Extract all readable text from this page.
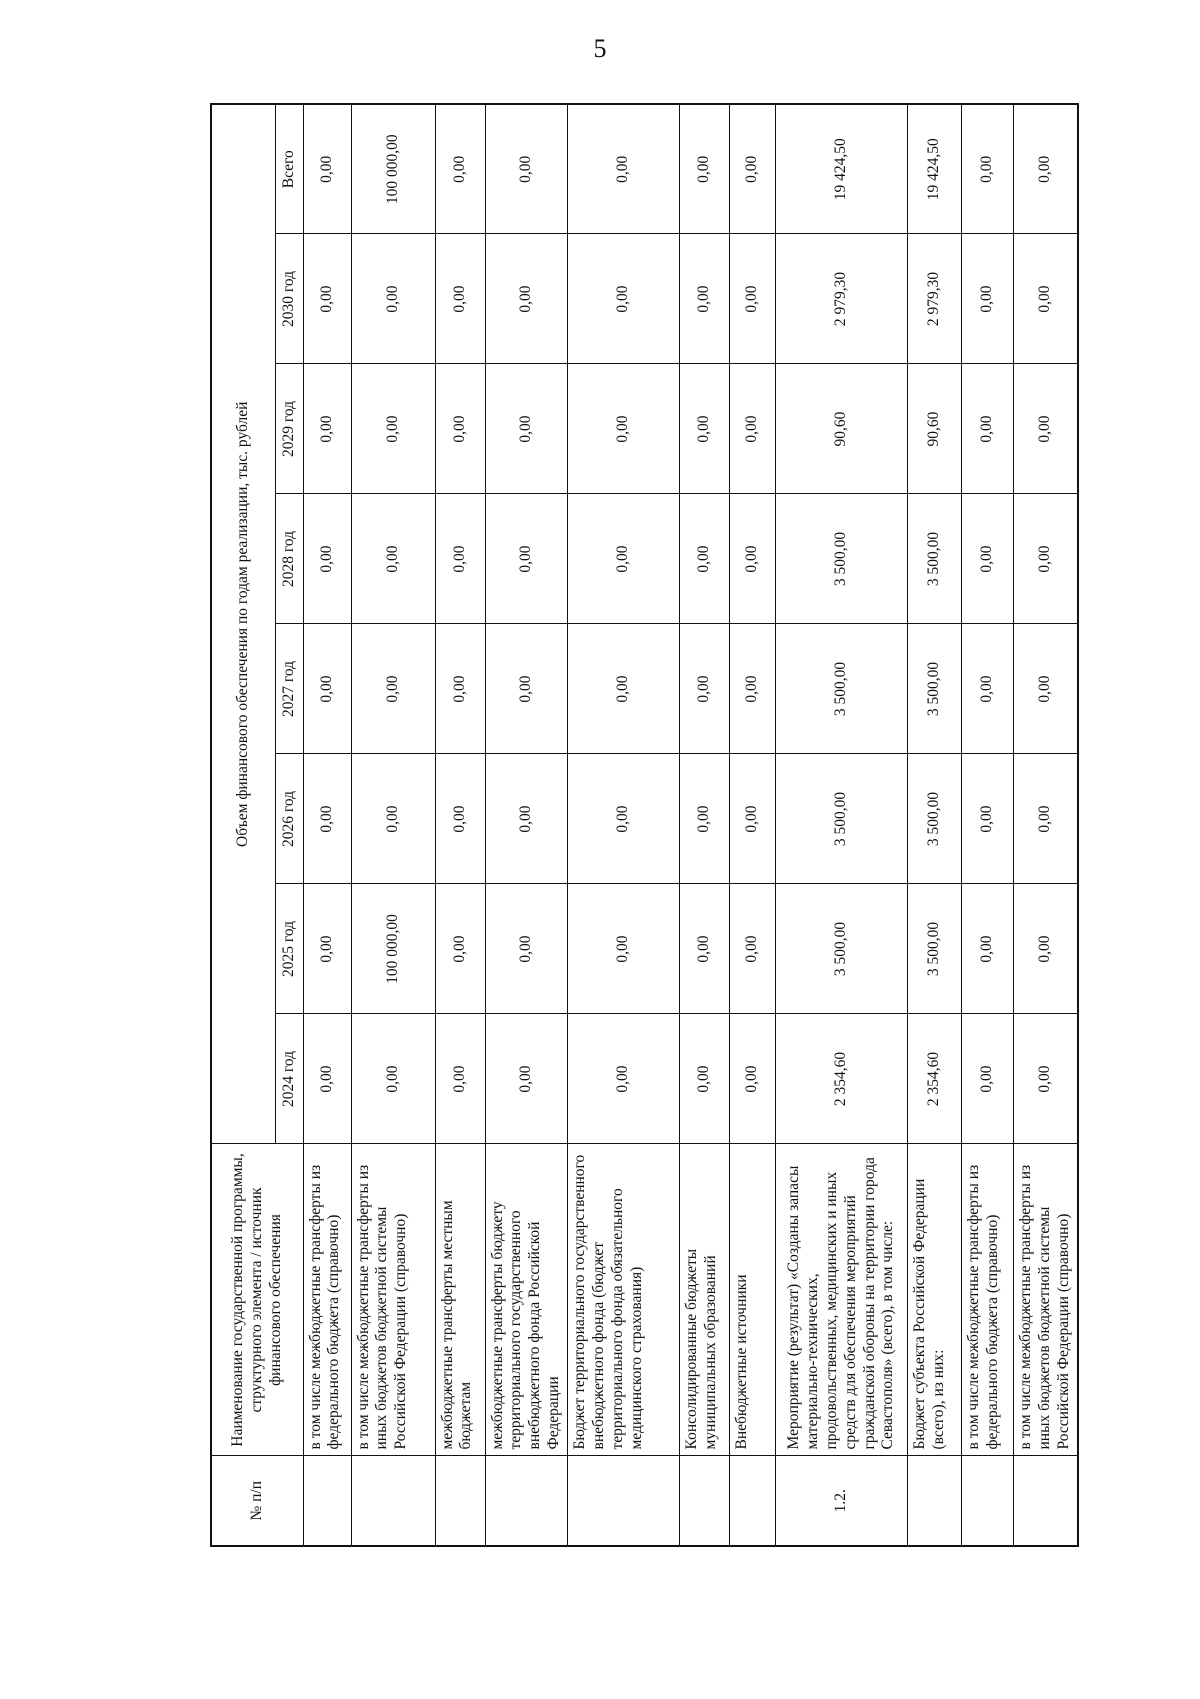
5
№ п/п	Наименование государственной программы, структурного элемента / источник финансового обеспечения	Объем финансового обеспечения по годам реализации, тыс. рублей							
		2024 год	2025 год	2026 год	2027 год	2028 год	2029 год	2030 год	Всего
	в том числе межбюджетные трансферты из федерального бюджета (справочно)	0,00	0,00	0,00	0,00	0,00	0,00	0,00	0,00
	в том числе межбюджетные трансферты из иных бюджетов бюджетной системы Российской Федерации (справочно)	0,00	100 000,00	0,00	0,00	0,00	0,00	0,00	100 000,00
	межбюджетные трансферты местным бюджетам	0,00	0,00	0,00	0,00	0,00	0,00	0,00	0,00
	межбюджетные трансферты бюджету территориального государственного внебюджетного фонда Российской Федерации	0,00	0,00	0,00	0,00	0,00	0,00	0,00	0,00
	Бюджет территориального государственного внебюджетного фонда (бюджет территориального фонда обязательного медицинского страхования)	0,00	0,00	0,00	0,00	0,00	0,00	0,00	0,00
	Консолидированные бюджеты муниципальных образований	0,00	0,00	0,00	0,00	0,00	0,00	0,00	0,00
	Внебюджетные источники	0,00	0,00	0,00	0,00	0,00	0,00	0,00	0,00
1.2.	Мероприятие (результат) «Созданы запасы материально-технических, продовольственных, медицинских и иных средств для обеспечения мероприятий гражданской обороны на территории города Севастополя» (всего), в том числе:	2 354,60	3 500,00	3 500,00	3 500,00	3 500,00	90,60	2 979,30	19 424,50
	Бюджет субъекта Российской Федерации (всего), из них:	2 354,60	3 500,00	3 500,00	3 500,00	3 500,00	90,60	2 979,30	19 424,50
	в том числе межбюджетные трансферты из федерального бюджета (справочно)	0,00	0,00	0,00	0,00	0,00	0,00	0,00	0,00
	в том числе межбюджетные трансферты из иных бюджетов бюджетной системы Российской Федерации (справочно)	0,00	0,00	0,00	0,00	0,00	0,00	0,00	0,00
